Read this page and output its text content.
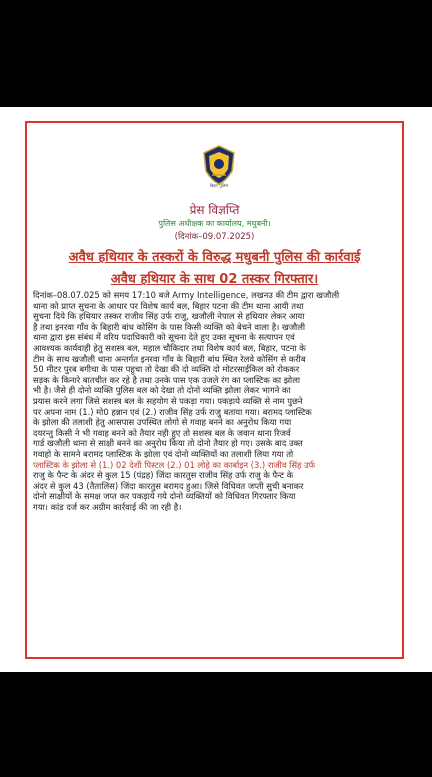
बिहार पुलिस
प्रेस विज्ञप्ति
पुलिस अधीक्षक का कार्यालय, मधुबनी।
(दिनांक–09.07.2025)
अवैध हथियार के तस्करों के विरुद्ध मधुबनी पुलिस की कार्रवाई
अवैध हथियार के साथ 02 तस्कर गिरफ्तार।
दिनांक–08.07.025 को समय 17:10 बजे Army Intelligence, लखनउ की टीम द्वारा खजौली
थाना को प्राप्त सुचना के आधार पर विशेष कार्य बल, बिहार पटना की टीम थाना आयी तथा
सुचना दिये कि हथियार तस्कर राजीव सिंह उर्फ राजु, खजौली नेपाल से हथियार लेकर आया
है तथा इनरवा गाँव के बिहारी बांध कोसिंग के पास किसी व्यक्ति को बेचने वाला है। खजौली
थाना द्वारा इस संबंध में वरिय पदाधिकारी को सूचना देते हुए उक्त सूचना के सत्यापन एवं
आवश्यक कार्यवाही हेतु सशस्त्र बल, महाल चौकिदार तथा विशेष कार्य बल, बिहार, पटना के
टीम के साथ खजौली थाना अन्तर्गत इनरवा गाँव के बिहारी बांध स्थित रेलवे कोसिंग से करीब
50 मीटर पुरब बगीचा के पास पहुचा तो देखा की दो व्यक्ति दो मोटरसाईकिल को रोककर
सड़क के किनारे बातचीत कर रहे है तथा उनके पास एक उजले रंग का प्लास्टिक का झोला
भी है। जैसे ही दोनो व्यक्ति पुलिस बल को देखा तो दोनो व्यक्ति झोला लेकर भागने का
प्रयास करने लगा जिसे सशस्त्र बल के सहयोग से पकड़ा गया। पकड़ाये व्यक्ति से नाम पुछने
पर अपना नाम (1.) मो0 हन्नान एवं (2.) राजीव सिंह उर्फ राजु बताया गया। बरामद प्लास्टिक
के झोला की तलाशी हेतु आसपास उपस्थित लोगो से गवाह बनने का अनुरोध किया गया
दयरन्तु किसी ने भी गवाह बनने को तैयार नही हुए तो सशस्त्र बल के जवान थाना रिजर्व
गार्ड खजौली थाना से साक्षी बनने का अनुरोध किया तो दोनो तैयार हो गए। उसके बाद उक्त
गवाहो के सामने बरामद प्लास्टिक के झोला एवं दोनो व्यक्तियों का तलाशी लिया गया तो
प्लास्टिक के झोला से (1.) 02 देशी पिस्टल (2.) 01 लोहे का कार्बाइन (3.) राजीव सिंह उर्फ
राजु के पैन्ट के अंदर से कुल 15 (पंद्रह) जिंदा कारतुस राजीव सिंह उर्फ राजु के पैन्ट के
अंदर से कुल 43 (तैतालिस) जिंदा कारतुस बरामद हुआ। जिसे विधिवत जप्ती सुची बनाकर
दोनो साक्षीयों के समक्ष जप्त कर पकड़ाये गये दोनो व्यक्तियों को विधिवत गिरफ्तार किया
गया। कांड दर्ज कर अग्रीम कार्रवाई की जा रही है।
